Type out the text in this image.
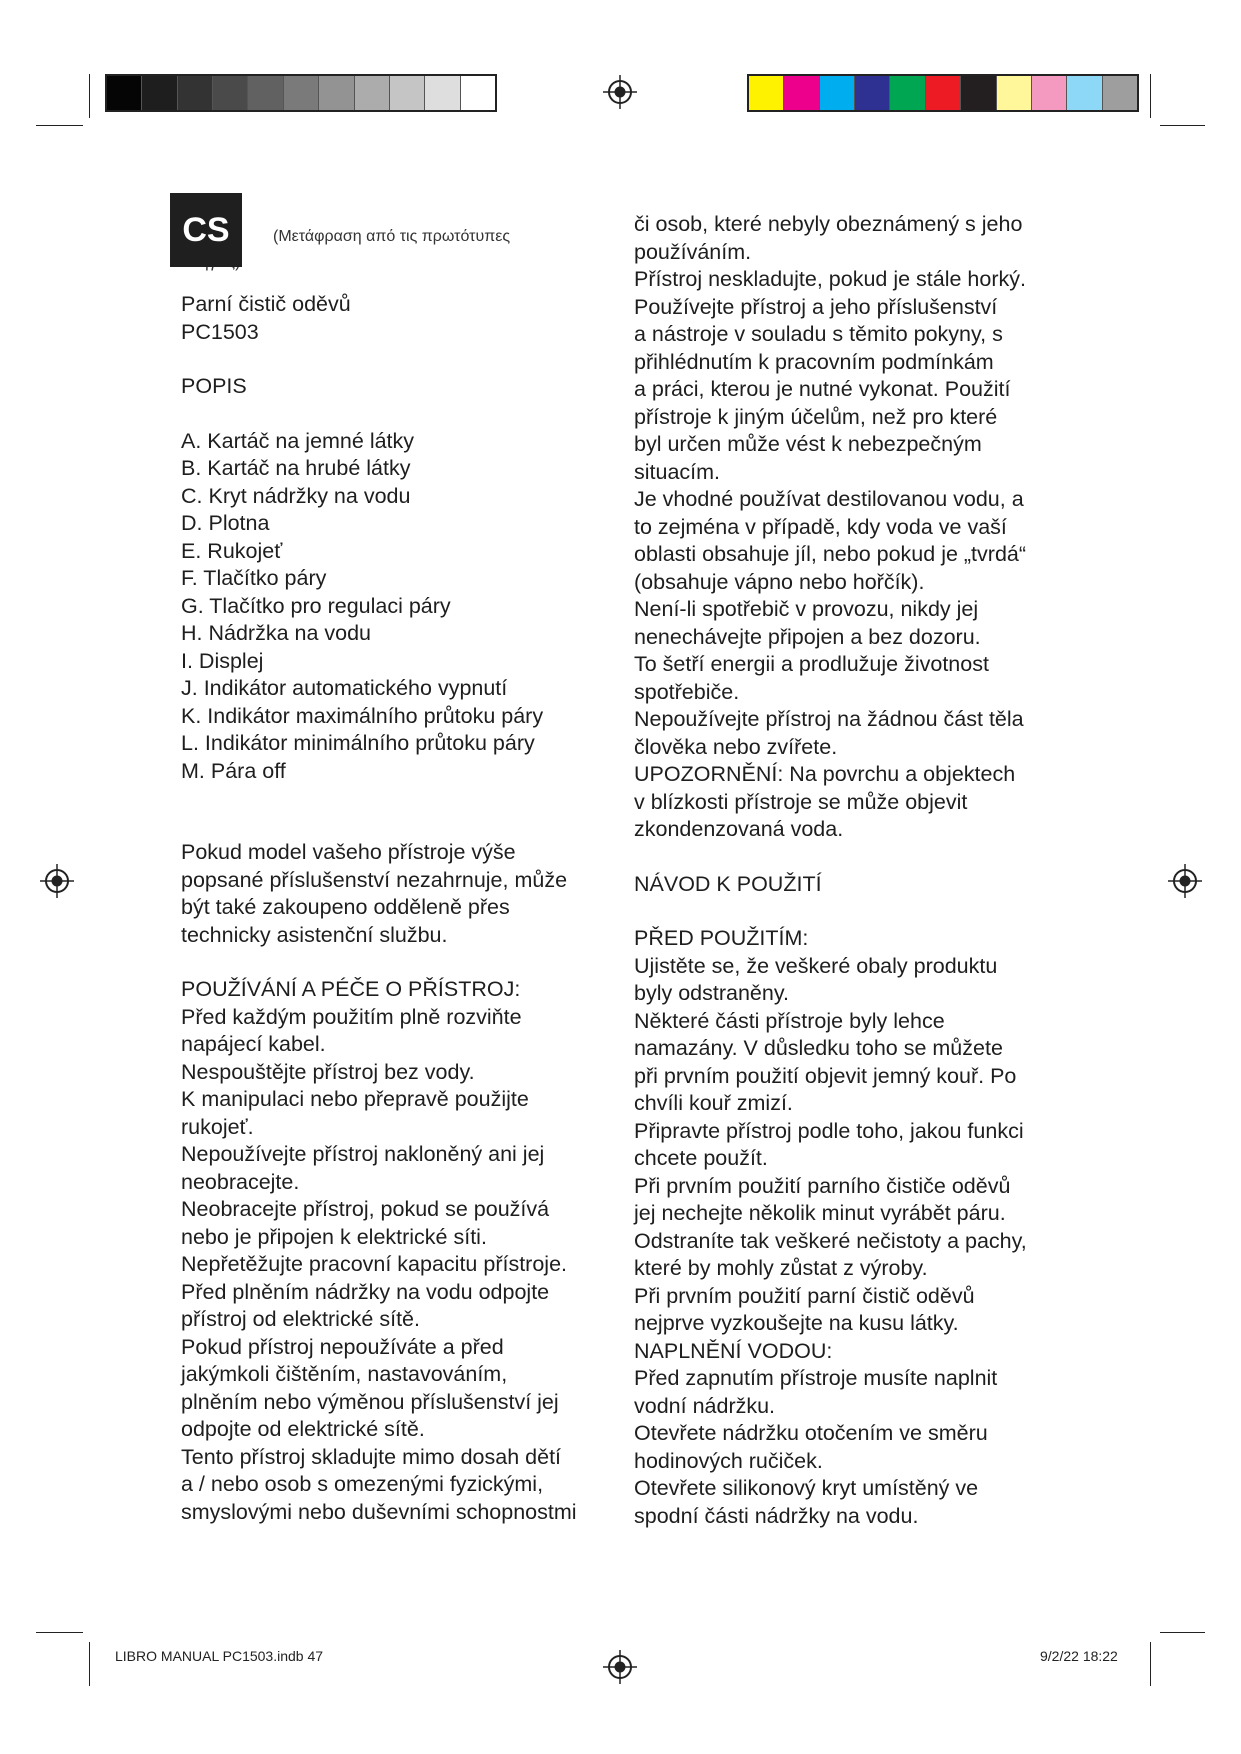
CS	(Μετάφραση από τις πρωτότυπες

Parní čistič oděvů

PC1503

POPIS

A. Kartáč na jemné látky

B. Kartáč na hrubé látky

C. Kryt nádržky na vodu

D. Plotna

E. Rukojeť

F. Tlačítko páry

G. Tlačítko pro regulaci páry

H. Nádržka na vodu

I. Displej

J. Indikátor automatického vypnutí

K. Indikátor maximálního průtoku páry

L. Indikátor minimálního průtoku páry

M. Pára off

Pokud model vašeho přístroje výše

popsané příslušenství nezahrnuje, může

být také zakoupeno odděleně přes

technicky asistenční službu.

POUŽÍVÁNÍ A PÉČE O PŘÍSTROJ:

Před každým použitím plně rozviňte

napájecí kabel.

Nespouštějte přístroj bez vody.

K manipulaci nebo přepravě použijte

rukojeť.

Nepoužívejte přístroj nakloněný ani jej

neobracejte.

Neobracejte přístroj, pokud se používá

nebo je připojen k elektrické síti.

Nepřetěžujte pracovní kapacitu přístroje.

Před plněním nádržky na vodu odpojte

přístroj od elektrické sítě.

Pokud přístroj nepoužíváte a před

jakýmkoli čištěním, nastavováním,

plněním nebo výměnou příslušenství jej

odpojte od elektrické sítě.

Tento přístroj skladujte mimo dosah dětí

a / nebo osob s omezenými fyzickými,

smyslovými nebo duševními schopnostmi

či osob, které nebyly obeznámený s jeho

používáním.

Přístroj neskladujte, pokud je stále horký.

Používejte přístroj a jeho příslušenství

a nástroje v souladu s těmito pokyny, s

přihlédnutím k pracovním podmínkám

a práci, kterou je nutné vykonat. Použití

přístroje k jiným účelům, než pro které

byl určen může vést k nebezpečným

situacím.

Je vhodné používat destilovanou vodu, a

to zejména v případě, kdy voda ve vaší

oblasti obsahuje jíl, nebo pokud je „tvrdá“

(obsahuje vápno nebo hořčík).

Není-li spotřebič v provozu, nikdy jej

nenechávejte připojen a bez dozoru.

To šetří energii a prodlužuje životnost

spotřebiče.

Nepoužívejte přístroj na žádnou část těla

člověka nebo zvířete.

UPOZORNĚNÍ: Na povrchu a objektech

v blízkosti přístroje se může objevit

zkondenzovaná voda.

NÁVOD K POUŽITÍ

PŘED POUŽITÍM:

Ujistěte se, že veškeré obaly produktu

byly odstraněny.

Některé části přístroje byly lehce

namazány. V důsledku toho se můžete

při prvním použití objevit jemný kouř. Po

chvíli kouř zmizí.

Připravte přístroj podle toho, jakou funkci

chcete použít.

Při prvním použití parního čističe oděvů

jej nechejte několik minut vyrábět páru.

Odstraníte tak veškeré nečistoty a pachy,

které by mohly zůstat z výroby.

Při prvním použití parní čistič oděvů

nejprve vyzkoušejte na kusu látky.

NAPLNĚNÍ VODOU:

Před zapnutím přístroje musíte naplnit

vodní nádržku.

Otevřete nádržku otočením ve směru

hodinových ručiček.

Otevřete silikonový kryt umístěný ve

spodní části nádržky na vodu.

LIBRO MANUAL PC1503.indb 47	9/2/22 18:22
